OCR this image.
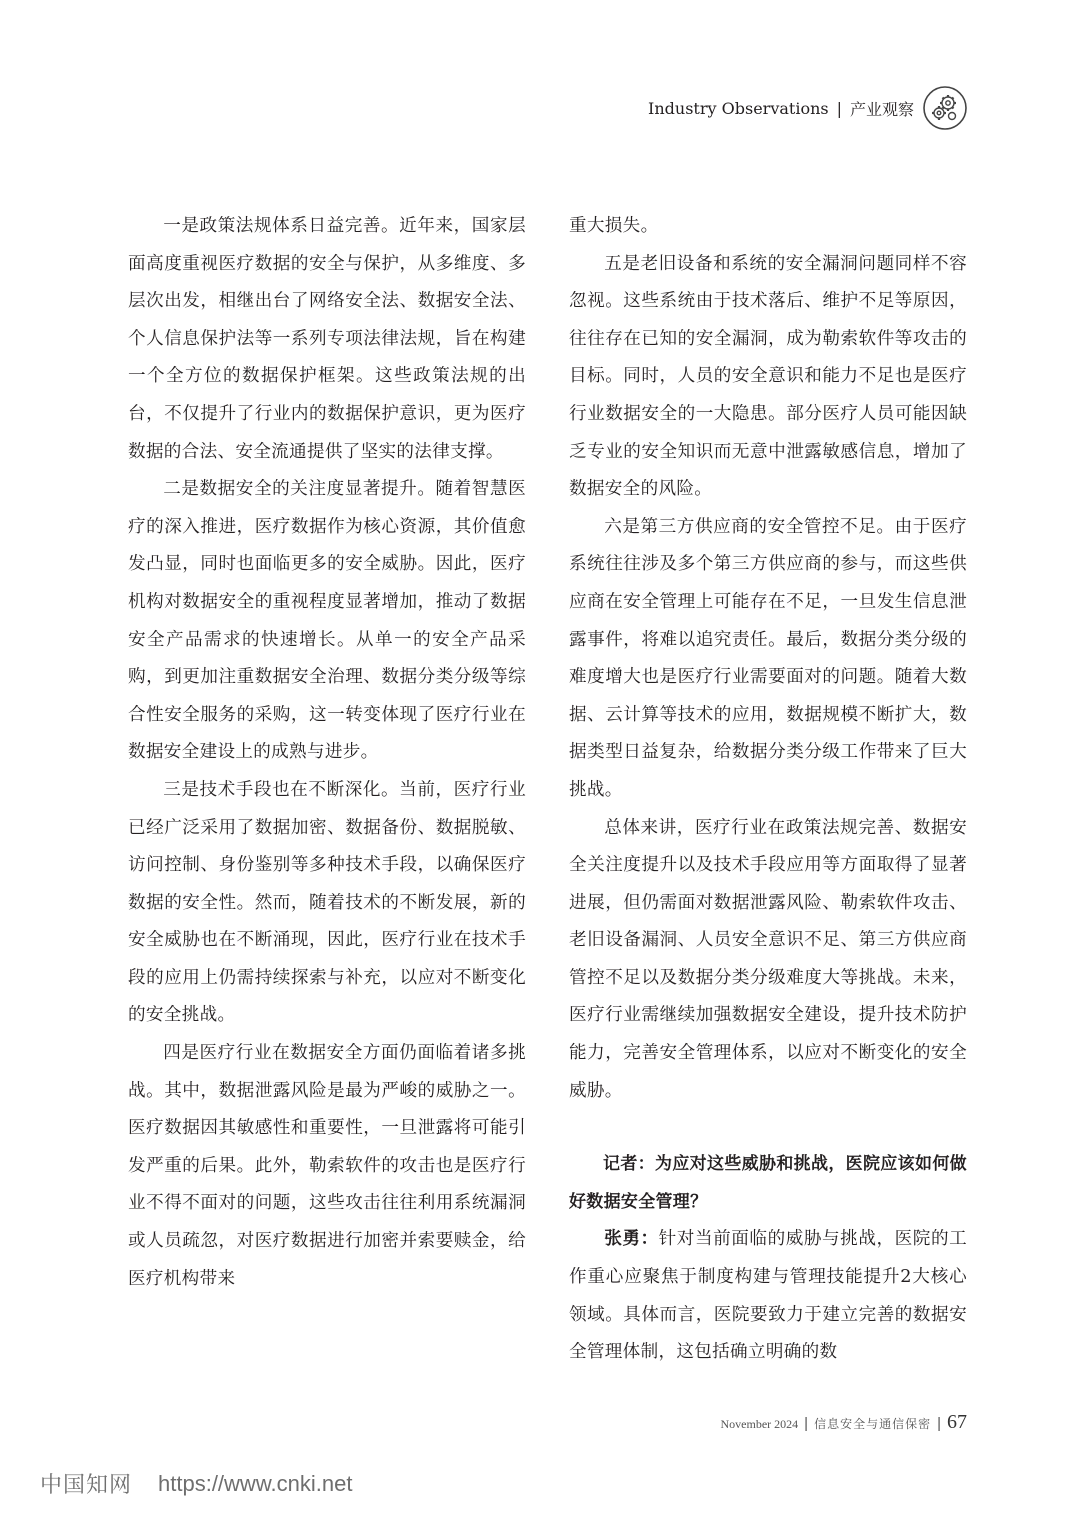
Industry Observations | 产业观察

一是政策法规体系日益完善。近年来，国家层面高度重视医疗数据的安全与保护，从多维度、多层次出发，相继出台了网络安全法、数据安全法、个人信息保护法等一系列专项法律法规，旨在构建一个全方位的数据保护框架。这些政策法规的出台，不仅提升了行业内的数据保护意识，更为医疗数据的合法、安全流通提供了坚实的法律支撑。

二是数据安全的关注度显著提升。随着智慧医疗的深入推进，医疗数据作为核心资源，其价值愈发凸显，同时也面临更多的安全威胁。因此，医疗机构对数据安全的重视程度显著增加，推动了数据安全产品需求的快速增长。从单一的安全产品采购，到更加注重数据安全治理、数据分类分级等综合性安全服务的采购，这一转变体现了医疗行业在数据安全建设上的成熟与进步。

三是技术手段也在不断深化。当前，医疗行业已经广泛采用了数据加密、数据备份、数据脱敏、访问控制、身份鉴别等多种技术手段，以确保医疗数据的安全性。然而，随着技术的不断发展，新的安全威胁也在不断涌现，因此，医疗行业在技术手段的应用上仍需持续探索与补充，以应对不断变化的安全挑战。

四是医疗行业在数据安全方面仍面临着诸多挑战。其中，数据泄露风险是最为严峻的威胁之一。医疗数据因其敏感性和重要性，一旦泄露将可能引发严重的后果。此外，勒索软件的攻击也是医疗行业不得不面对的问题，这些攻击往往利用系统漏洞或人员疏忽，对医疗数据进行加密并索要赎金，给医疗机构带来

重大损失。

五是老旧设备和系统的安全漏洞问题同样不容忽视。这些系统由于技术落后、维护不足等原因，往往存在已知的安全漏洞，成为勒索软件等攻击的目标。同时，人员的安全意识和能力不足也是医疗行业数据安全的一大隐患。部分医疗人员可能因缺乏专业的安全知识而无意中泄露敏感信息，增加了数据安全的风险。

六是第三方供应商的安全管控不足。由于医疗系统往往涉及多个第三方供应商的参与，而这些供应商在安全管理上可能存在不足，一旦发生信息泄露事件，将难以追究责任。最后，数据分类分级的难度增大也是医疗行业需要面对的问题。随着大数据、云计算等技术的应用，数据规模不断扩大，数据类型日益复杂，给数据分类分级工作带来了巨大挑战。

总体来讲，医疗行业在政策法规完善、数据安全关注度提升以及技术手段应用等方面取得了显著进展，但仍需面对数据泄露风险、勒索软件攻击、老旧设备漏洞、人员安全意识不足、第三方供应商管控不足以及数据分类分级难度大等挑战。未来，医疗行业需继续加强数据安全建设，提升技术防护能力，完善安全管理体系，以应对不断变化的安全威胁。

记者：为应对这些威胁和挑战，医院应该如何做好数据安全管理？

张勇：针对当前面临的威胁与挑战，医院的工作重心应聚焦于制度构建与管理技能提升2大核心领域。具体而言，医院要致力于建立完善的数据安全管理体制，这包括确立明确的数

November 2024 | 信息安全与通信保密 | 67
中国知网 https://www.cnki.net
